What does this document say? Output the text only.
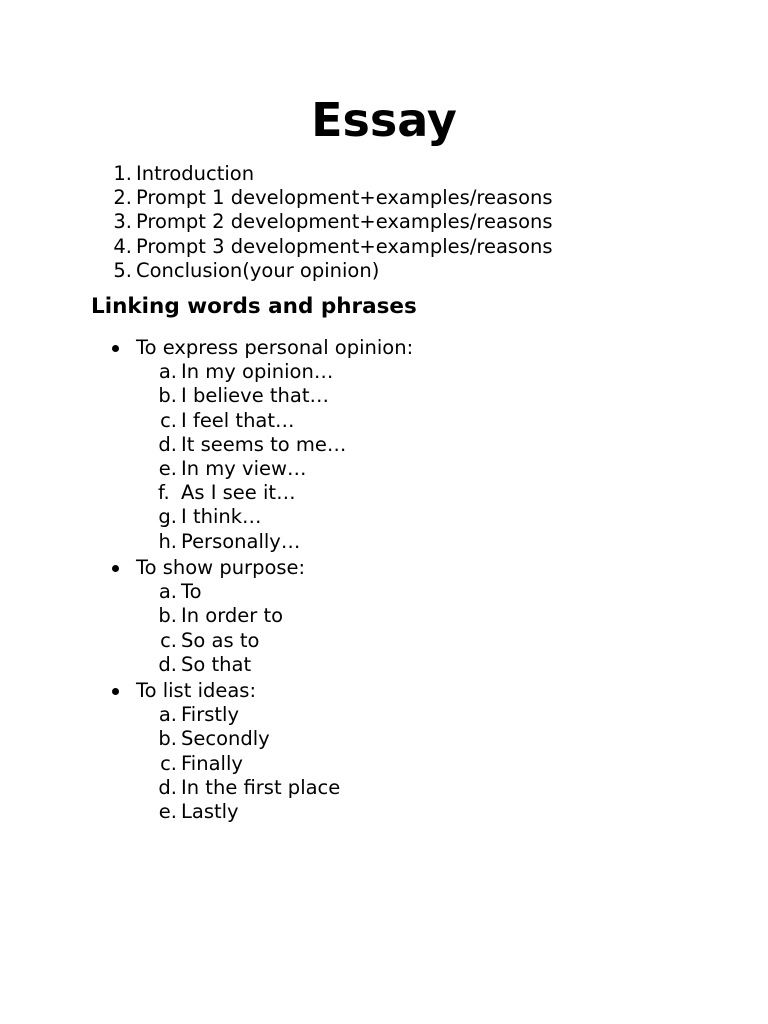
Essay
1. Introduction
2. Prompt 1 development+examples/reasons
3. Prompt 2 development+examples/reasons
4. Prompt 3 development+examples/reasons
5. Conclusion(your opinion)
Linking words and phrases
To express personal opinion:
a. In my opinion…
b. I believe that…
c. I feel that…
d. It seems to me…
e. In my view…
f. As I see it…
g. I think…
h. Personally…
To show purpose:
a. To
b. In order to
c. So as to
d. So that
To list ideas:
a. Firstly
b. Secondly
c. Finally
d. In the first place
e. Lastly
